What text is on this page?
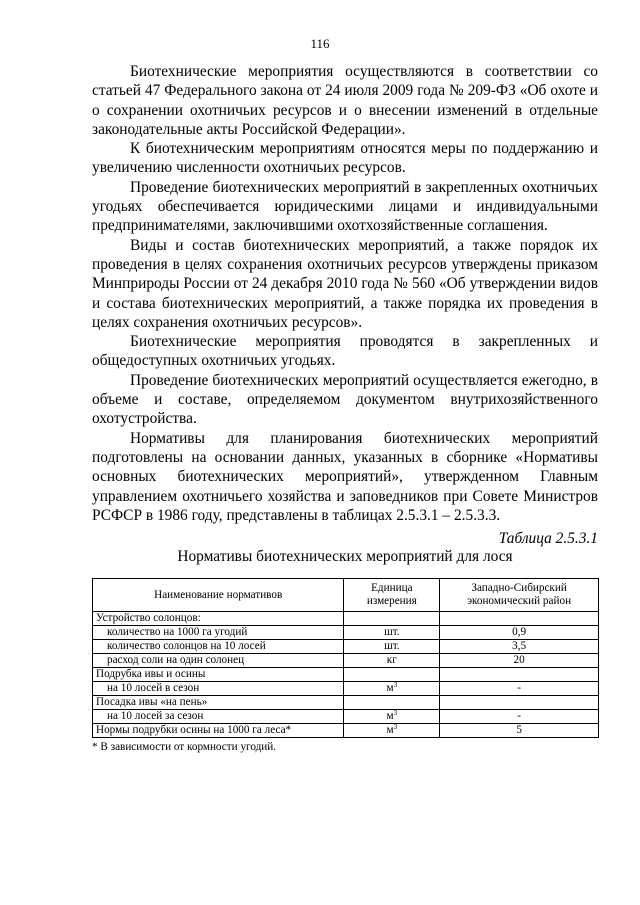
116

Биотехнические мероприятия осуществляются в соответствии со статьей 47 Федерального закона от 24 июля 2009 года № 209-ФЗ «Об охоте и о сохранении охотничьих ресурсов и о внесении изменений в отдельные законодательные акты Российской Федерации».

К биотехническим мероприятиям относятся меры по поддержанию и увеличению численности охотничьих ресурсов.

Проведение биотехнических мероприятий в закрепленных охотничьих угодьях обеспечивается юридическими лицами и индивидуальными предпринимателями, заключившими охотхозяйственные соглашения.

Виды и состав биотехнических мероприятий, а также порядок их проведения в целях сохранения охотничьих ресурсов утверждены приказом Минприроды России от 24 декабря 2010 года № 560 «Об утверждении видов и состава биотехнических мероприятий, а также порядка их проведения в целях сохранения охотничьих ресурсов».

Биотехнические мероприятия проводятся в закрепленных и общедоступных охотничьих угодьях.

Проведение биотехнических мероприятий осуществляется ежегодно, в объеме и составе, определяемом документом внутрихозяйственного охотустройства.

Нормативы для планирования биотехнических мероприятий подготовлены на основании данных, указанных в сборнике «Нормативы основных биотехнических мероприятий», утвержденном Главным управлением охотничьего хозяйства и заповедников при Совете Министров РСФСР в 1986 году, представлены в таблицах 2.5.3.1 – 2.5.3.3.

Таблица 2.5.3.1
Нормативы биотехнических мероприятий для лося
Наименование нормативов	Единица измерения	Западно-Сибирский экономический район
Устройство солонцов:		
количество на 1000 га угодий	шт.	0,9
количество солонцов на 10 лосей	шт.	3,5
расход соли на один солонец	кг	20
Подрубка ивы и осины		
на 10 лосей в сезон	$м^3$	-
Посадка ивы «на пень»		
на 10 лосей за сезон	$м^3$	-
Нормы подрубки осины на 1000 га леса*	$м^3$	5
* В зависимости от кормности угодий.
